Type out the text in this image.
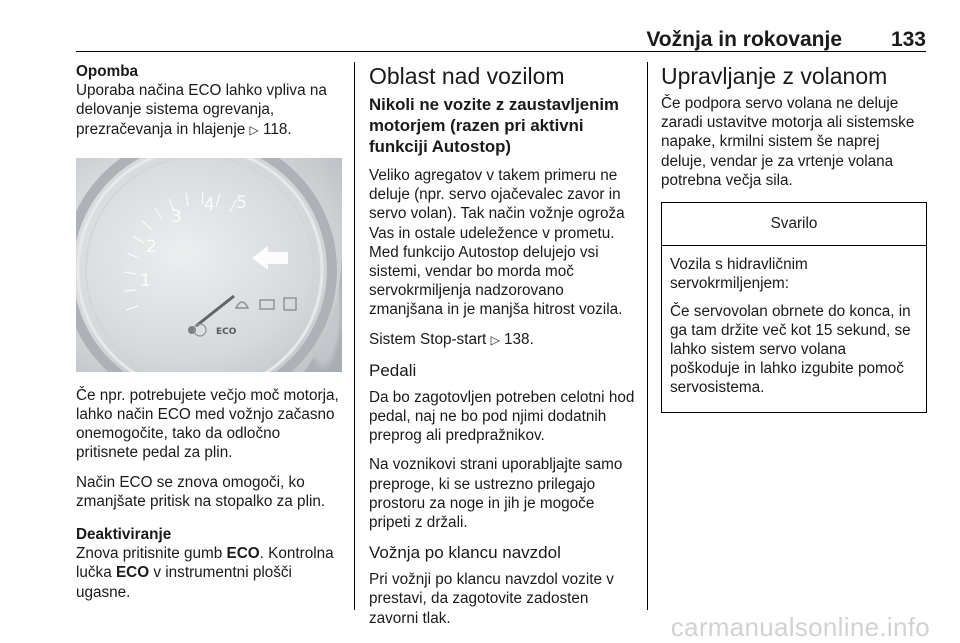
Vožnja in rokovanje 133
Opomba

Uporaba načina ECO lahko vpliva na delovanje sistema ogrevanja, prezračevanja in hlajenje ▷ 118.

1
2
3
4 5
ECO

Če npr. potrebujete večjo moč motorja, lahko način ECO med vožnjo začasno onemogočite, tako da odločno pritisnete pedal za plin.

Način ECO se znova omogoči, ko zmanjšate pritisk na stopalko za plin.

Deaktiviranje

Znova pritisnite gumb ECO. Kontrolna lučka ECO v instrumentni plošči ugasne.

Oblast nad vozilom
Nikoli ne vozite z zaustavljenim motorjem (razen pri aktivni funkciji Autostop)

Veliko agregatov v takem primeru ne deluje (npr. servo ojačevalec zavor in servo volan). Tak način vožnje ogroža Vas in ostale udeležence v prometu. Med funkcijo Autostop delujejo vsi sistemi, vendar bo morda moč servokrmiljenja nadzorovano zmanjšana in je manjša hitrost vozila.

Sistem Stop-start ▷ 138.

Pedali

Da bo zagotovljen potreben celotni hod pedal, naj ne bo pod njimi dodatnih preprog ali predpražnikov.

Na voznikovi strani uporabljajte samo preproge, ki se ustrezno prilegajo prostoru za noge in jih je mogoče pripeti z držali.

Vožnja po klancu navzdol

Pri vožnji po klancu navzdol vozite v prestavi, da zagotovite zadosten zavorni tlak.

Upravljanje z volanom

Če podpora servo volana ne deluje zaradi ustavitve motorja ali sistemske napake, krmilni sistem še naprej deluje, vendar je za vrtenje volana potrebna večja sila.

Svarilo

Vozila s hidravličnim servokrmiljenjem:

Če servovolan obrnete do konca, in ga tam držite več kot 15 sekund, se lahko sistem servo volana poškoduje in lahko izgubite pomoč servosistema.

carmanualsonline.info
